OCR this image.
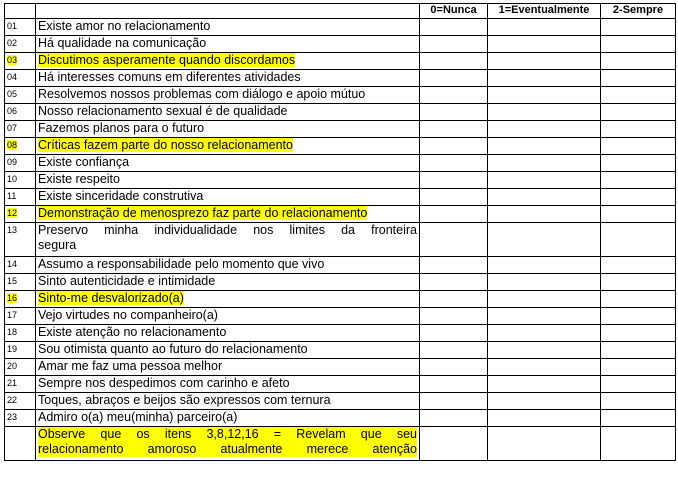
		0=Nunca	1=Eventualmente	2-Sempre
01	Existe amor no relacionamento			
02	Há qualidade na comunicação			
03	Discutimos asperamente quando discordamos			
04	Há interesses comuns em diferentes atividades			
05	Resolvemos nossos problemas com diálogo e apoio mútuo			
06	Nosso relacionamento sexual é de qualidade			
07	Fazemos planos para o futuro			
08	Críticas fazem parte do nosso relacionamento			
09	Existe confiança			
10	Existe respeito			
11	Existe sinceridade construtiva			
12	Demonstração de menosprezo faz parte do relacionamento			
13	Preservo minha individualidade nos limites da fronteira
segura			

14	Assumo a responsabilidade pelo momento que vivo			
15	Sinto autenticidade e intimidade			
16	Sinto-me desvalorizado(a)			
17	Vejo virtudes no companheiro(a)			
18	Existe atenção no relacionamento			
19	Sou otimista quanto ao futuro do relacionamento			
20	Amar me faz uma pessoa melhor			
21	Sempre nos despedimos com carinho e afeto			
22	Toques, abraços e beijos são expressos com ternura			
23	Admiro o(a) meu(minha) parceiro(a)			

	Observe que os itens 3,8,12,16 = Revelam que seu
relacionamento amoroso atualmente merece atenção			
